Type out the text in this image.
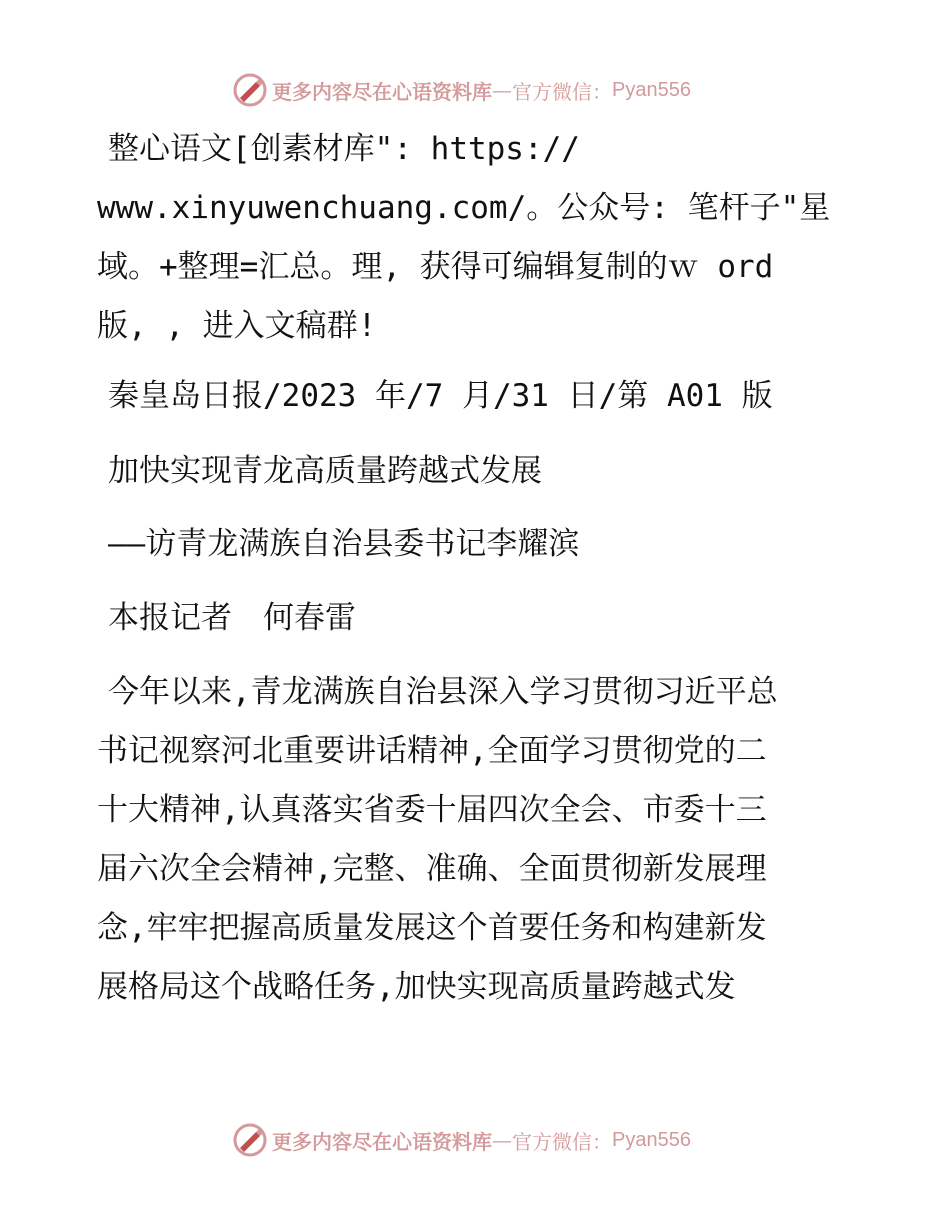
更多内容尽在心语资料库 — 官方微信： Pyan556
整心语文[创素材库": https://
www.xinyuwenchuang.com/。公众号: 笔杆子"星
域。+整理=汇总。理, 获得可编辑复制的ｗ ord
版, , 进入文稿群!
秦皇岛日报/2023 年/7 月/31 日/第 A01 版
加快实现青龙高质量跨越式发展
——访青龙满族自治县委书记李耀滨
本报记者　何春雷
今年以来,青龙满族自治县深入学习贯彻习近平总
书记视察河北重要讲话精神,全面学习贯彻党的二
十大精神,认真落实省委十届四次全会、市委十三
届六次全会精神,完整、准确、全面贯彻新发展理
念,牢牢把握高质量发展这个首要任务和构建新发
展格局这个战略任务,加快实现高质量跨越式发
更多内容尽在心语资料库 — 官方微信： Pyan556
